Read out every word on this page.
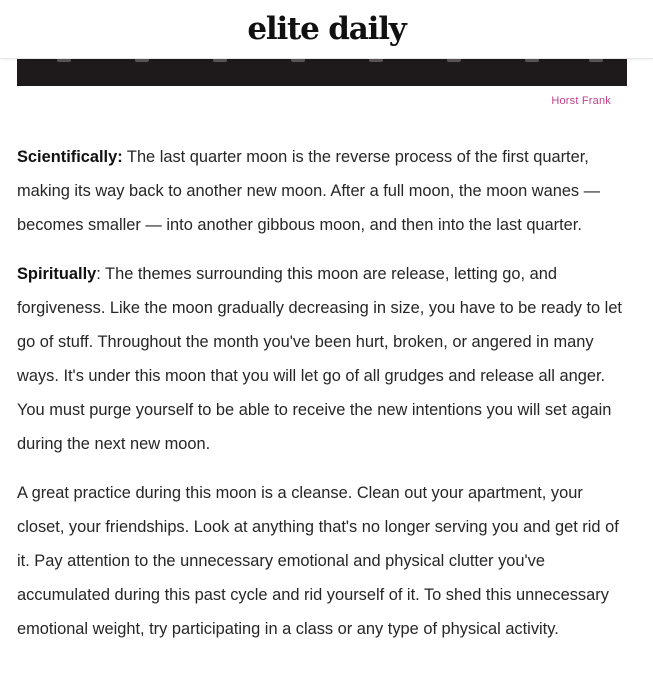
elite daily
Horst Frank

Scientifically: The last quarter moon is the reverse process of the first quarter, making its way back to another new moon. After a full moon, the moon wanes — becomes smaller — into another gibbous moon, and then into the last quarter.

Spiritually: The themes surrounding this moon are release, letting go, and forgiveness. Like the moon gradually decreasing in size, you have to be ready to let go of stuff. Throughout the month you've been hurt, broken, or angered in many ways. It's under this moon that you will let go of all grudges and release all anger. You must purge yourself to be able to receive the new intentions you will set again during the next new moon.

A great practice during this moon is a cleanse. Clean out your apartment, your closet, your friendships. Look at anything that's no longer serving you and get rid of it. Pay attention to the unnecessary emotional and physical clutter you've accumulated during this past cycle and rid yourself of it. To shed this unnecessary emotional weight, try participating in a class or any type of physical activity.
